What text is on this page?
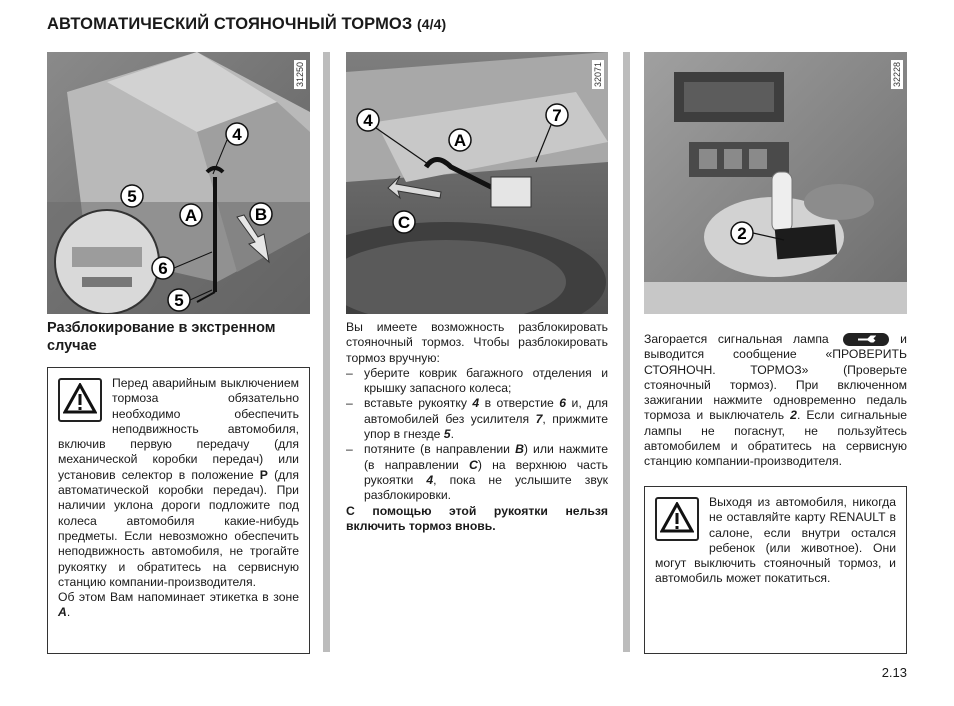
АВТОМАТИЧЕСКИЙ СТОЯНОЧНЫЙ ТОРМОЗ (4/4)
4
5
A	B
6
5
31250
4
A
7
C
32071
2
32228
Разблокирование в экстренном случае
Перед аварийным выключением тормоза обязательно необходимо обеспечить неподвижность автомобиля, включив первую передачу (для механической коробки передач) или установив селектор в положение P (для автоматической коробки передач). При наличии уклона дороги подложите под колеса автомобиля какие-нибудь предметы. Если невозможно обеспечить неподвижность автомобиля, не трогайте рукоятку и обратитесь на сервисную станцию компании-производителя.
Об этом Вам напоминает этикетка в зоне A.
Вы имеете возможность разблокировать стояночный тормоз. Чтобы разблокировать тормоз вручную:
– уберите коврик багажного отделения и крышку запасного колеса;
– вставьте рукоятку 4 в отверстие 6 и, для автомобилей без усилителя 7, прижмите упор в гнезде 5.
– потяните (в направлении B) или нажмите (в направлении C) на верхнюю часть рукоятки 4, пока не услышите звук разблокировки.
С помощью этой рукоятки нельзя включить тормоз вновь.
Загорается сигнальная лампа	и выводится сообщение «ПРОВЕРИТЬ СТОЯНОЧН. ТОРМОЗ» (Проверьте стояночный тормоз). При включенном зажигании нажмите одновременно педаль тормоза и выключатель 2. Если сигнальные лампы не погаснут, не пользуйтесь автомобилем и обратитесь на сервисную станцию компании-производителя.
Выходя из автомобиля, никогда не оставляйте карту RENAULT в салоне, если внутри остался ребенок (или животное). Они могут выключить стояночный тормоз, и автомобиль может покатиться.
2.13
